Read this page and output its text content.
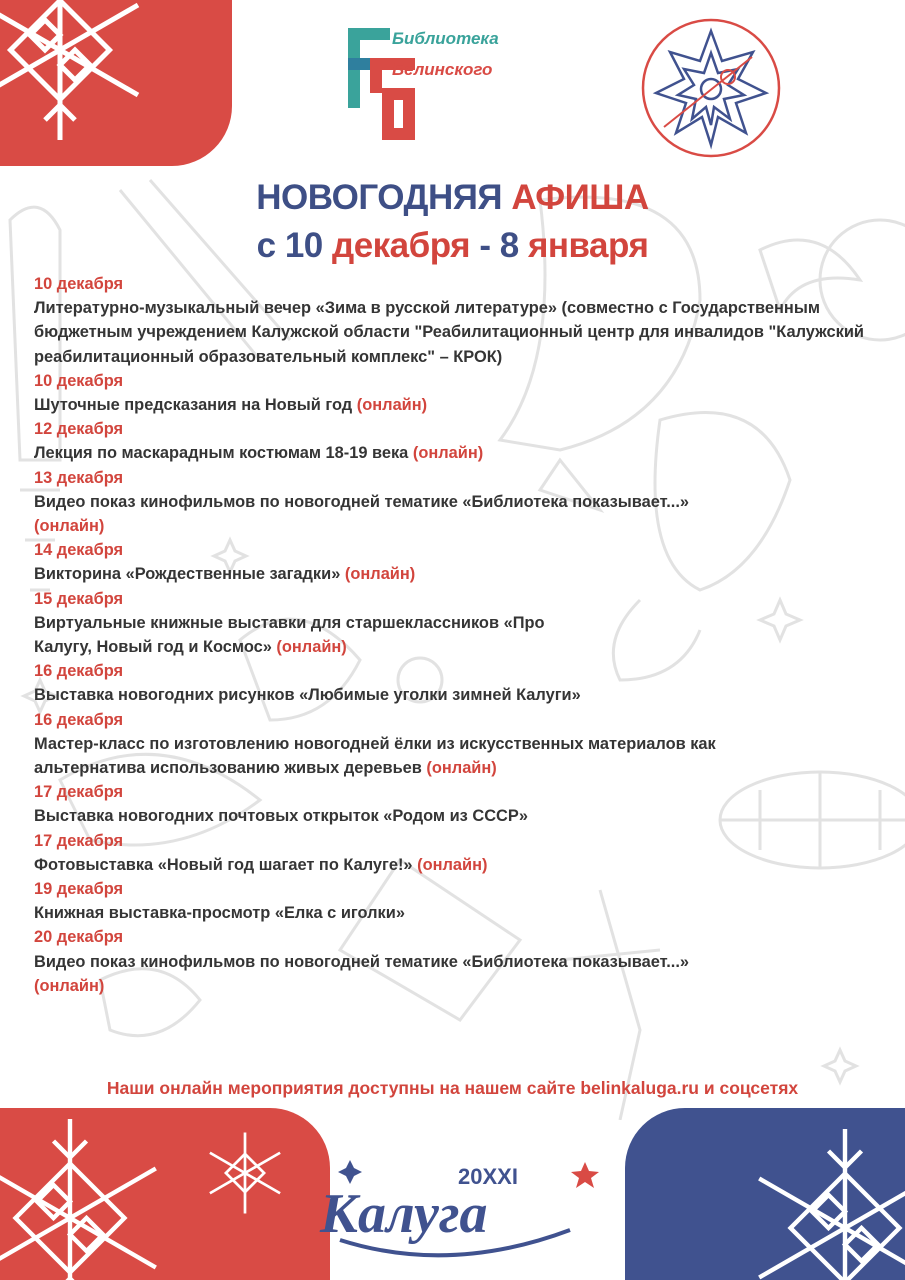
Библиотека
Белинского
НОВОГОДНЯЯ АФИША
с 10 декабря - 8 января
10 декабря
Литературно-музыкальный вечер «Зима в русской литературе» (совместно с Государственным бюджетным учреждением Калужской области "Реабилитационный центр для инвалидов "Калужский реабилитационный образовательный комплекс" – КРОК)
10 декабря
Шуточные предсказания на Новый год (онлайн)
12 декабря
Лекция по маскарадным костюмам 18-19 века (онлайн)
13 декабря
Видео показ кинофильмов по новогодней тематике «Библиотека показывает...»
(онлайн)
14 декабря
Викторина «Рождественные загадки» (онлайн)
15 декабря
Виртуальные книжные выставки для старшеклассников «Про Калугу, Новый год и Космос» (онлайн)
16 декабря
Выставка новогодних рисунков «Любимые уголки зимней Калуги»
16 декабря
Мастер-класс по изготовлению новогодней ёлки из искусственных материалов как альтернатива использованию живых деревьев (онлайн)
17 декабря
Выставка новогодних почтовых открыток «Родом из СССР»
17 декабря
Фотовыставка «Новый год шагает по Калуге!» (онлайн)
19 декабря
Книжная выставка-просмотр «Елка с иголки»
20 декабря
Видео показ кинофильмов по новогодней тематике «Библиотека показывает...»
(онлайн)
Наши онлайн мероприятия доступны на нашем сайте belinkaluga.ru и соцсетях
20XXI
Калуга
